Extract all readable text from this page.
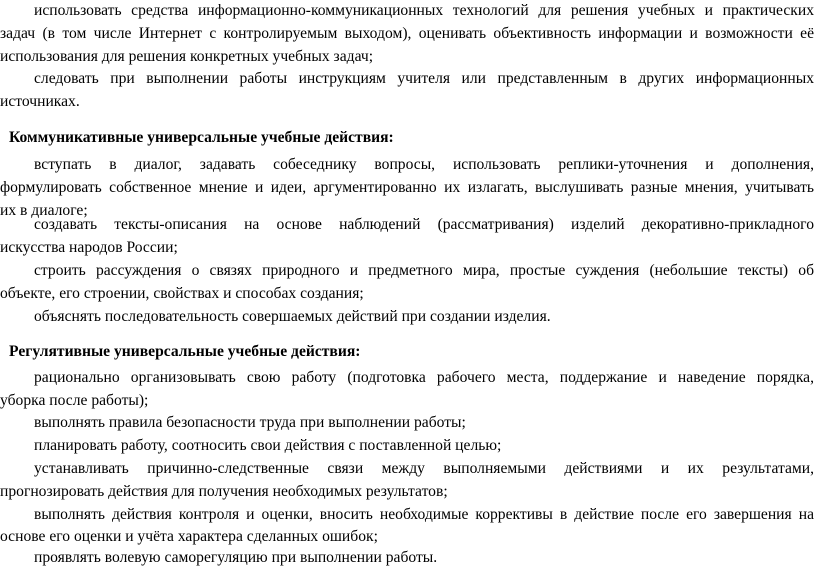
использовать средства информационно-коммуникационных технологий для решения учебных и практических
задач (в том числе Интернет с контролируемым выходом), оценивать объективность информации и возможности её
использования для решения конкретных учебных задач;
следовать при выполнении работы инструкциям учителя или представленным в других информационных
источниках.
Коммуникативные универсальные учебные действия:
вступать в диалог, задавать собеседнику вопросы, использовать реплики-уточнения и дополнения,
формулировать собственное мнение и идеи, аргументированно их излагать, выслушивать разные мнения, учитывать
их в диалоге;
создавать тексты-описания на основе наблюдений (рассматривания) изделий декоративно-прикладного
искусства народов России;
строить рассуждения о связях природного и предметного мира, простые суждения (небольшие тексты) об
объекте, его строении, свойствах и способах создания;
объяснять последовательность совершаемых действий при создании изделия.
Регулятивные универсальные учебные действия:
рационально организовывать свою работу (подготовка рабочего места, поддержание и наведение порядка,
уборка после работы);
выполнять правила безопасности труда при выполнении работы;
планировать работу, соотносить свои действия с поставленной целью;
устанавливать причинно-следственные связи между выполняемыми действиями и их результатами,
прогнозировать действия для получения необходимых результатов;
выполнять действия контроля и оценки, вносить необходимые коррективы в действие после его завершения на
основе его оценки и учёта характера сделанных ошибок;
проявлять волевую саморегуляцию при выполнении работы.
